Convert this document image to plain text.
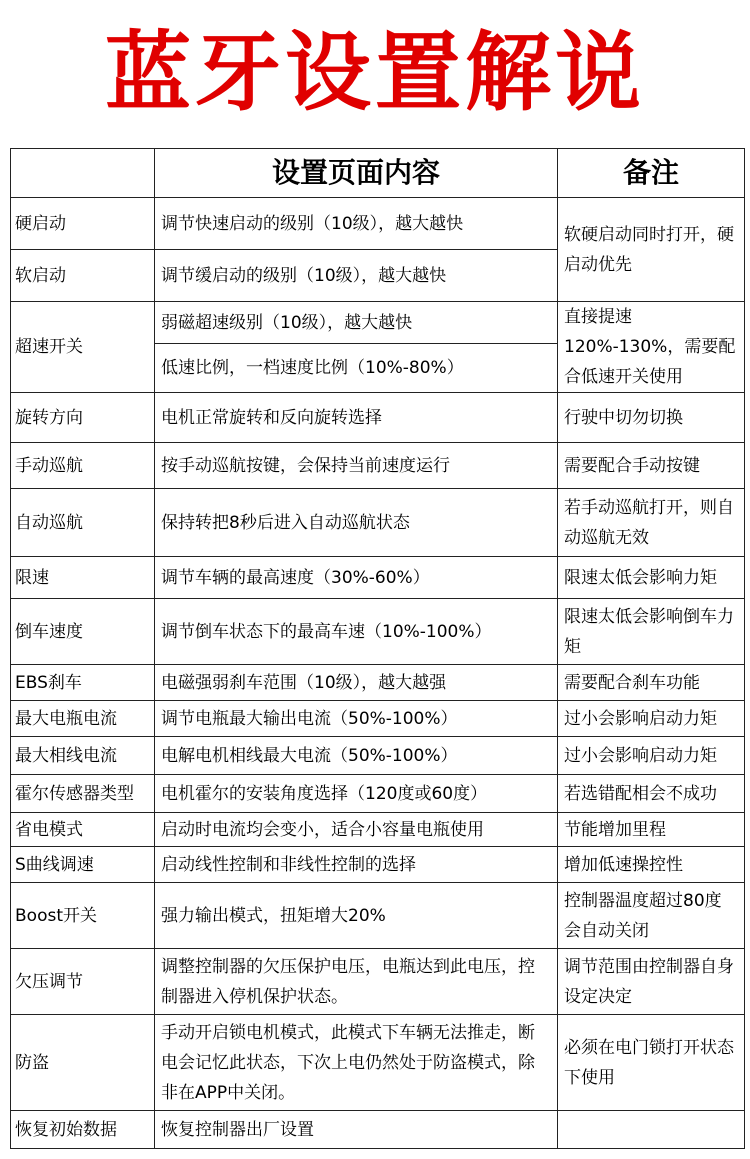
蓝牙设置解说
	设置页面内容	备注
硬启动	调节快速启动的级别（10级），越大越快	软硬启动同时打开，硬启动优先
软启动	调节缓启动的级别（10级），越大越快	
超速开关	弱磁超速级别（10级），越大越快	直接提速120%-130%，需要配合低速开关使用
	低速比例，一档速度比例（10%-80%）	
旋转方向	电机正常旋转和反向旋转选择	行驶中切勿切换
手动巡航	按手动巡航按键，会保持当前速度运行	需要配合手动按键
自动巡航	保持转把8秒后进入自动巡航状态	若手动巡航打开，则自动巡航无效
限速	调节车辆的最高速度（30%-60%）	限速太低会影响力矩
倒车速度	调节倒车状态下的最高车速（10%-100%）	限速太低会影响倒车力矩
EBS刹车	电磁强弱刹车范围（10级），越大越强	需要配合刹车功能
最大电瓶电流	调节电瓶最大输出电流（50%-100%）	过小会影响启动力矩
最大相线电流	电解电机相线最大电流（50%-100%）	过小会影响启动力矩
霍尔传感器类型	电机霍尔的安装角度选择（120度或60度）	若选错配相会不成功
省电模式	启动时电流均会变小，适合小容量电瓶使用	节能增加里程
S曲线调速	启动线性控制和非线性控制的选择	增加低速操控性
Boost开关	强力输出模式，扭矩增大20%	控制器温度超过80度会自动关闭
欠压调节	调整控制器的欠压保护电压，电瓶达到此电压，控制器进入停机保护状态。	调节范围由控制器自身设定决定
防盗	手动开启锁电机模式，此模式下车辆无法推走，断电会记忆此状态，下次上电仍然处于防盗模式，除非在APP中关闭。	必须在电门锁打开状态下使用
恢复初始数据	恢复控制器出厂设置	
